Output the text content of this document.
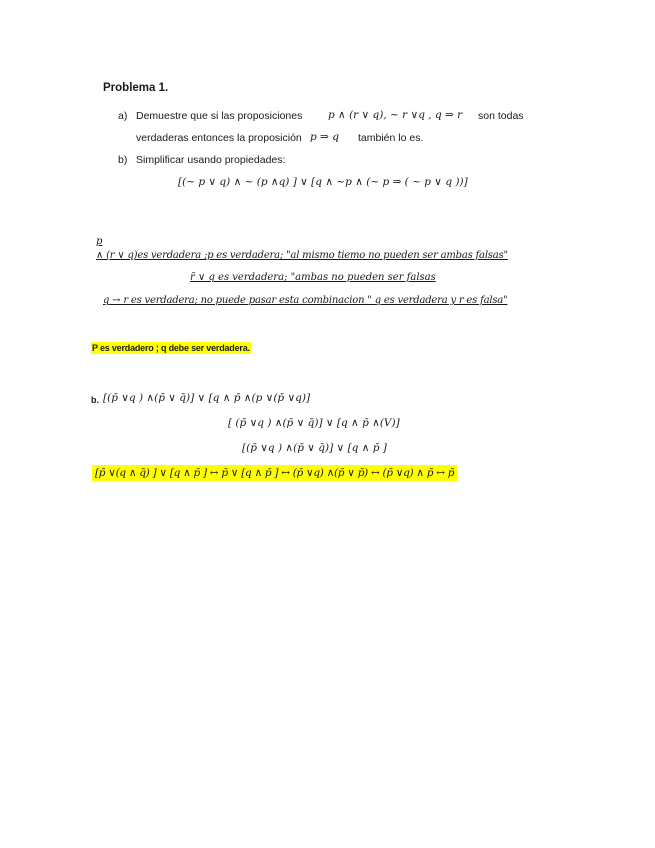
Problema 1.
a) Demuestre que si las proposiciones p ∧ (r ∨ q), ~ r ∨q , q ⇒ r son todas
verdaderas entonces la proposición p ⇒ q también lo es.
b) Simplificar usando propiedades:
[(~ p ∨ q) ∧ ~ (p ∧q) ] ∨ [q ∧ ~p ∧ (~ p ⇒ ( ~ p ∨ q ))]
p
∧ (r ∨ q)es verdadera ;p es verdadera; "al mismo tiemo no pueden ser ambas falsas"
r̄ ∨ q es verdadera; "ambas no pueden ser falsas
q → r es verdadera; no puede pasar esta combinacion " q es verdadera y r es falsa"
P es verdadero ; q debe ser verdadera.
b. [(p̄ ∨q ) ∧(p̄ ∨ q̄)] ∨ [q ∧ p̄ ∧(p ∨(p̄ ∨q)]
[ (p̄ ∨q ) ∧(p̄ ∨ q̄)] ∨ [q ∧ p̄ ∧(V)]
[(p̄ ∨q ) ∧(p̄ ∨ q̄)] ∨ [q ∧ p̄ ]
[p̄ ∨(q ∧ q̄) ] ∨ [q ∧ p̄ ] ↔ p̄ ∨ [q ∧ p̄ ] ↔ (p̄ ∨q) ∧(p̄ ∨ p̄) ↔ (p̄ ∨q) ∧ p̄ ↔ p̄
